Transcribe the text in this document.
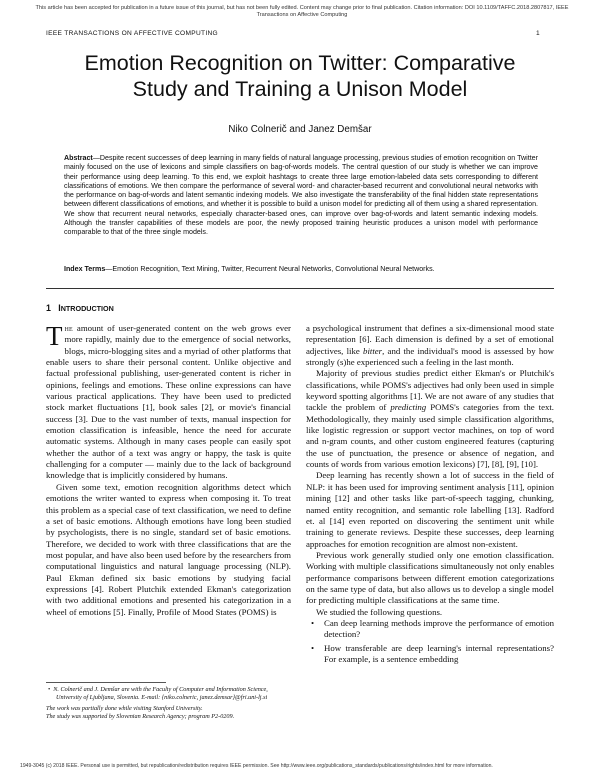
This article has been accepted for publication in a future issue of this journal, but has not been fully edited. Content may change prior to final publication. Citation information: DOI 10.1109/TAFFC.2018.2807817, IEEE Transactions on Affective Computing
IEEE TRANSACTIONS ON AFFECTIVE COMPUTING	1
Emotion Recognition on Twitter: Comparative
Study and Training a Unison Model
Niko Colnerič and Janez Demšar
Abstract—Despite recent successes of deep learning in many fields of natural language processing, previous studies of emotion recognition on Twitter mainly focused on the use of lexicons and simple classifiers on bag-of-words models. The central question of our study is whether we can improve their performance using deep learning. To this end, we exploit hashtags to create three large emotion-labeled data sets corresponding to different classifications of emotions. We then compare the performance of several word- and character-based recurrent and convolutional neural networks with the performance on bag-of-words and latent semantic indexing models. We also investigate the transferability of the final hidden state representations between different classifications of emotions, and whether it is possible to build a unison model for predicting all of them using a shared representation. We show that recurrent neural networks, especially character-based ones, can improve over bag-of-words and latent semantic indexing models. Although the transfer capabilities of these models are poor, the newly proposed training heuristic produces a unison model with performance comparable to that of the three single models.
Index Terms—Emotion Recognition, Text Mining, Twitter, Recurrent Neural Networks, Convolutional Neural Networks.
1 INTRODUCTION

The amount of user-generated content on the web grows ever more rapidly, mainly due to the emergence of social networks, blogs, micro-blogging sites and a myriad of other platforms that enable users to share their personal content. Unlike objective and factual professional publishing, user-generated content is richer in opinions, feelings and emotions. These online expressions can have various practical applications. They have been used to predicted stock market fluctuations [1], book sales [2], or movie's financial success [3]. Due to the vast number of texts, manual inspection for emotion classification is infeasible, hence the need for accurate automatic systems. Although in many cases people can easily spot whether the author of a text was angry or happy, the task is quite challenging for a computer — mainly due to the lack of background knowledge that is implicitly considered by humans.

Given some text, emotion recognition algorithms detect which emotions the writer wanted to express when composing it. To treat this problem as a special case of text classification, we need to define a set of basic emotions. Although emotions have long been studied by psychologists, there is no single, standard set of basic emotions. Therefore, we decided to work with three classifications that are the most popular, and have also been used before by the researchers from computational linguistics and natural language processing (NLP). Paul Ekman defined six basic emotions by studying facial expressions [4]. Robert Plutchik extended Ekman's categorization with two additional emotions and presented his categorization in a wheel of emotions [5]. Finally, Profile of Mood States (POMS) is

• N. Colnerič and J. Demšar are with the Faculty of Computer and Information Science, University of Ljubljana, Slovenia. E-mail: {niko.colneric, janez.demsar}@fri.uni-lj.si
The work was partially done while visiting Stanford University.
The study was supported by Slovenian Research Agency; program P2-0209.

a psychological instrument that defines a six-dimensional mood state representation [6]. Each dimension is defined by a set of emotional adjectives, like bitter, and the individual's mood is assessed by how strongly (s)he experienced such a feeling in the last month.

Majority of previous studies predict either Ekman's or Plutchik's classifications, while POMS's adjectives had only been used in simple keyword spotting algorithms [1]. We are not aware of any studies that tackle the problem of predicting POMS's categories from the text. Methodologically, they mainly used simple classification algorithms, like logistic regression or support vector machines, on top of word and n-gram counts, and other custom engineered features (capturing the use of punctuation, the presence or absence of negation, and counts of words from various emotion lexicons) [7], [8], [9], [10].

Deep learning has recently shown a lot of success in the field of NLP: it has been used for improving sentiment analysis [11], opinion mining [12] and other tasks like part-of-speech tagging, chunking, named entity recognition, and semantic role labelling [13]. Radford et. al [14] even reported on discovering the sentiment unit while training to generate reviews. Despite these successes, deep learning approaches for emotion recognition are almost non-existent.

Previous work generally studied only one emotion classification. Working with multiple classifications simultaneously not only enables performance comparisons between different emotion categorizations on the same type of data, but also allows us to develop a single model for predicting multiple classifications at the same time.

We studied the following questions.

• Can deep learning methods improve the performance of emotion detection?
• How transferable are deep learning's internal representations? For example, is a sentence embedding
1949-3045 (c) 2018 IEEE. Personal use is permitted, but republication/redistribution requires IEEE permission. See http://www.ieee.org/publications_standards/publications/rights/index.html for more information.
